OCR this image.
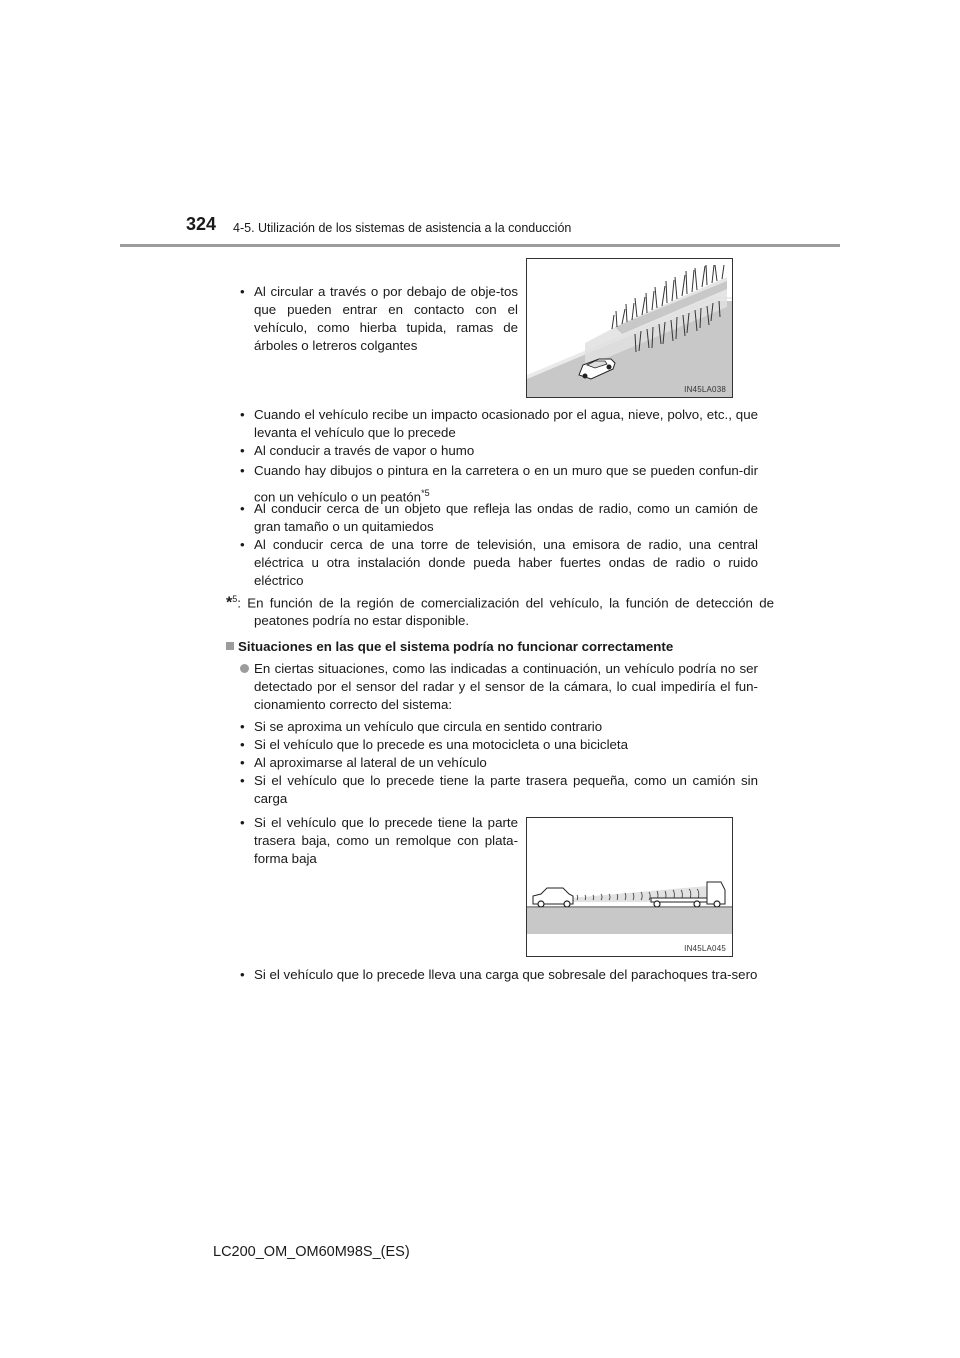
324 4-5. Utilización de los sistemas de asistencia a la conducción
• Al circular a través o por debajo de obje-tos que pueden entrar en contacto con el vehículo, como hierba tupida, ramas de árboles o letreros colgantes
IN45LA038
• Cuando el vehículo recibe un impacto ocasionado por el agua, nieve, polvo, etc., que levanta el vehículo que lo precede
• Al conducir a través de vapor o humo
• Cuando hay dibujos o pintura en la carretera o en un muro que se pueden confun-dir con un vehículo o un peatón$^{*5}$
• Al conducir cerca de un objeto que refleja las ondas de radio, como un camión de gran tamaño o un quitamiedos
• Al conducir cerca de una torre de televisión, una emisora de radio, una central eléctrica u otra instalación donde pueda haber fuertes ondas de radio o ruido eléctrico
*$^5$: En función de la región de comercialización del vehículo, la función de detección de peatones podría no estar disponible.
Situaciones en las que el sistema podría no funcionar correctamente
En ciertas situaciones, como las indicadas a continuación, un vehículo podría no ser detectado por el sensor del radar y el sensor de la cámara, lo cual impediría el fun-cionamiento correcto del sistema:
• Si se aproxima un vehículo que circula en sentido contrario
• Si el vehículo que lo precede es una motocicleta o una bicicleta
• Al aproximarse al lateral de un vehículo
• Si el vehículo que lo precede tiene la parte trasera pequeña, como un camión sin carga
• Si el vehículo que lo precede tiene la parte trasera baja, como un remolque con plata-forma baja
IN45LA045
• Si el vehículo que lo precede lleva una carga que sobresale del parachoques tra-sero
LC200_OM_OM60M98S_(ES)
